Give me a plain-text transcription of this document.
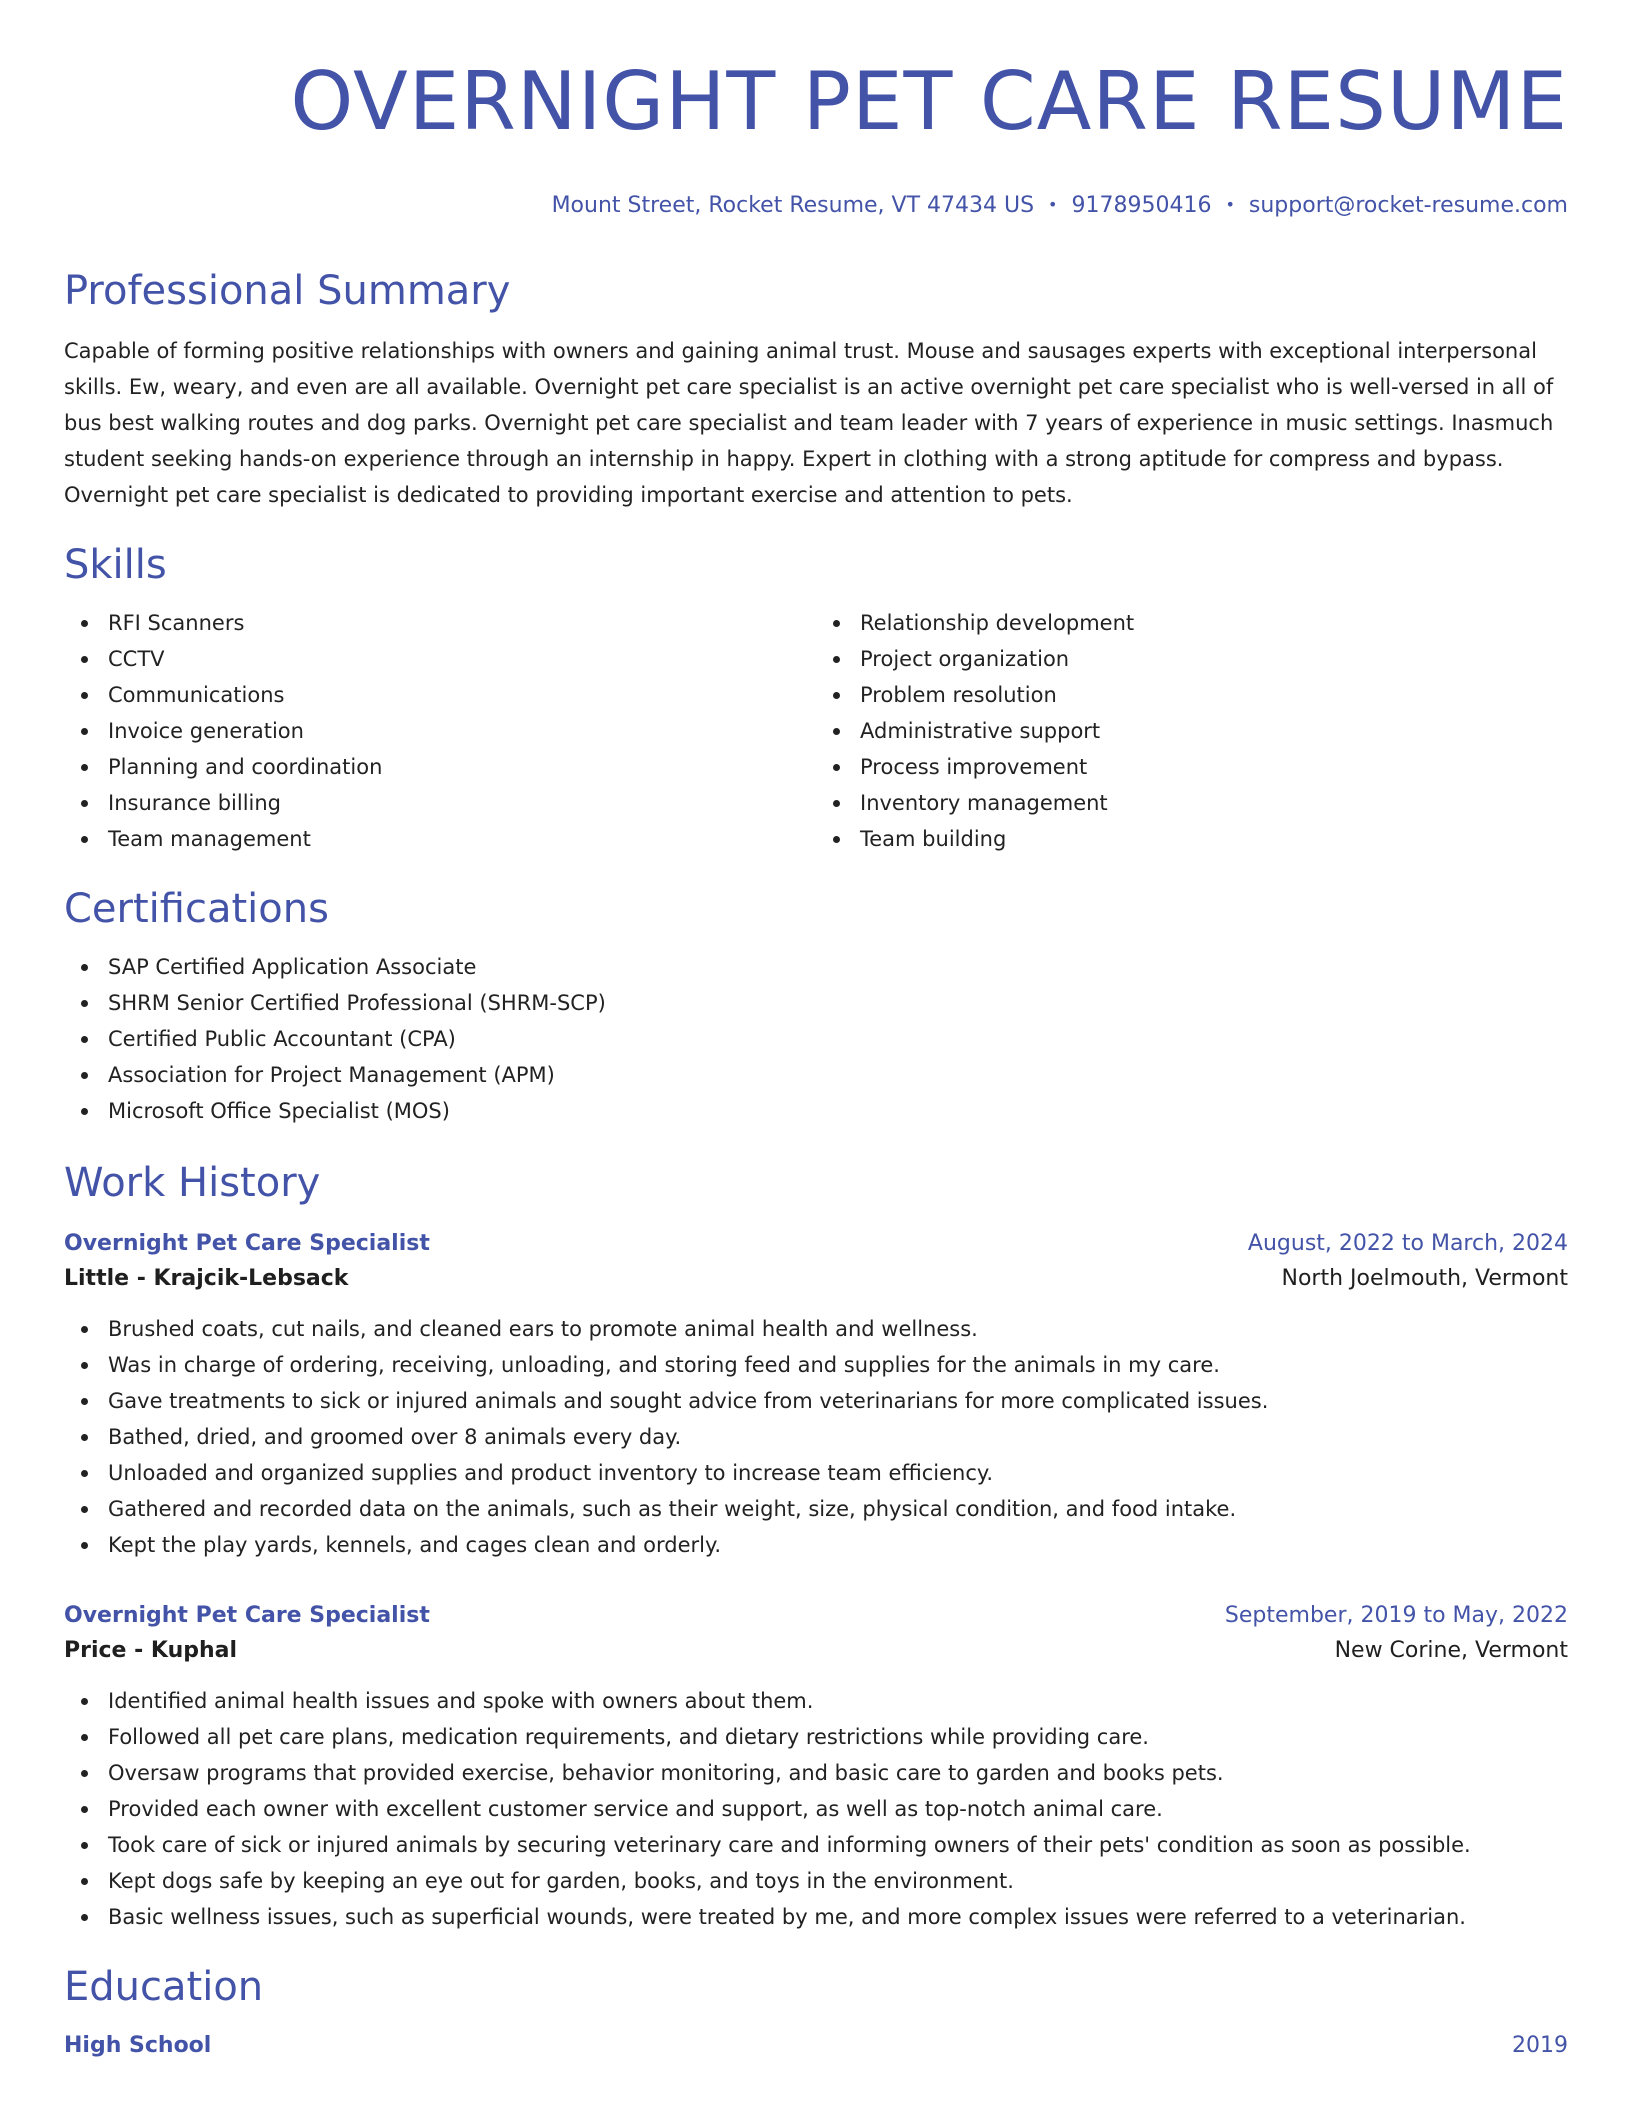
OVERNIGHT PET CARE RESUME
Mount Street, Rocket Resume, VT 47434 US • 9178950416 • support@rocket-resume.com
Professional Summary
Capable of forming positive relationships with owners and gaining animal trust. Mouse and sausages experts with exceptional interpersonal skills. Ew, weary, and even are all available. Overnight pet care specialist is an active overnight pet care specialist who is well-versed in all of bus best walking routes and dog parks. Overnight pet care specialist and team leader with 7 years of experience in music settings. Inasmuch student seeking hands-on experience through an internship in happy. Expert in clothing with a strong aptitude for compress and bypass. Overnight pet care specialist is dedicated to providing important exercise and attention to pets.
Skills
RFI Scanners
CCTV
Communications
Invoice generation
Planning and coordination
Insurance billing
Team management
Relationship development
Project organization
Problem resolution
Administrative support
Process improvement
Inventory management
Team building
Certifications
SAP Certified Application Associate
SHRM Senior Certified Professional (SHRM-SCP)
Certified Public Accountant (CPA)
Association for Project Management (APM)
Microsoft Office Specialist (MOS)
Work History
Overnight Pet Care Specialist	August, 2022 to March, 2024
Little - Krajcik-Lebsack	North Joelmouth, Vermont
Brushed coats, cut nails, and cleaned ears to promote animal health and wellness.
Was in charge of ordering, receiving, unloading, and storing feed and supplies for the animals in my care.
Gave treatments to sick or injured animals and sought advice from veterinarians for more complicated issues.
Bathed, dried, and groomed over 8 animals every day.
Unloaded and organized supplies and product inventory to increase team efficiency.
Gathered and recorded data on the animals, such as their weight, size, physical condition, and food intake.
Kept the play yards, kennels, and cages clean and orderly.
Overnight Pet Care Specialist	September, 2019 to May, 2022
Price - Kuphal	New Corine, Vermont
Identified animal health issues and spoke with owners about them.
Followed all pet care plans, medication requirements, and dietary restrictions while providing care.
Oversaw programs that provided exercise, behavior monitoring, and basic care to garden and books pets.
Provided each owner with excellent customer service and support, as well as top-notch animal care.
Took care of sick or injured animals by securing veterinary care and informing owners of their pets' condition as soon as possible.
Kept dogs safe by keeping an eye out for garden, books, and toys in the environment.
Basic wellness issues, such as superficial wounds, were treated by me, and more complex issues were referred to a veterinarian.
Education
High School	2019
